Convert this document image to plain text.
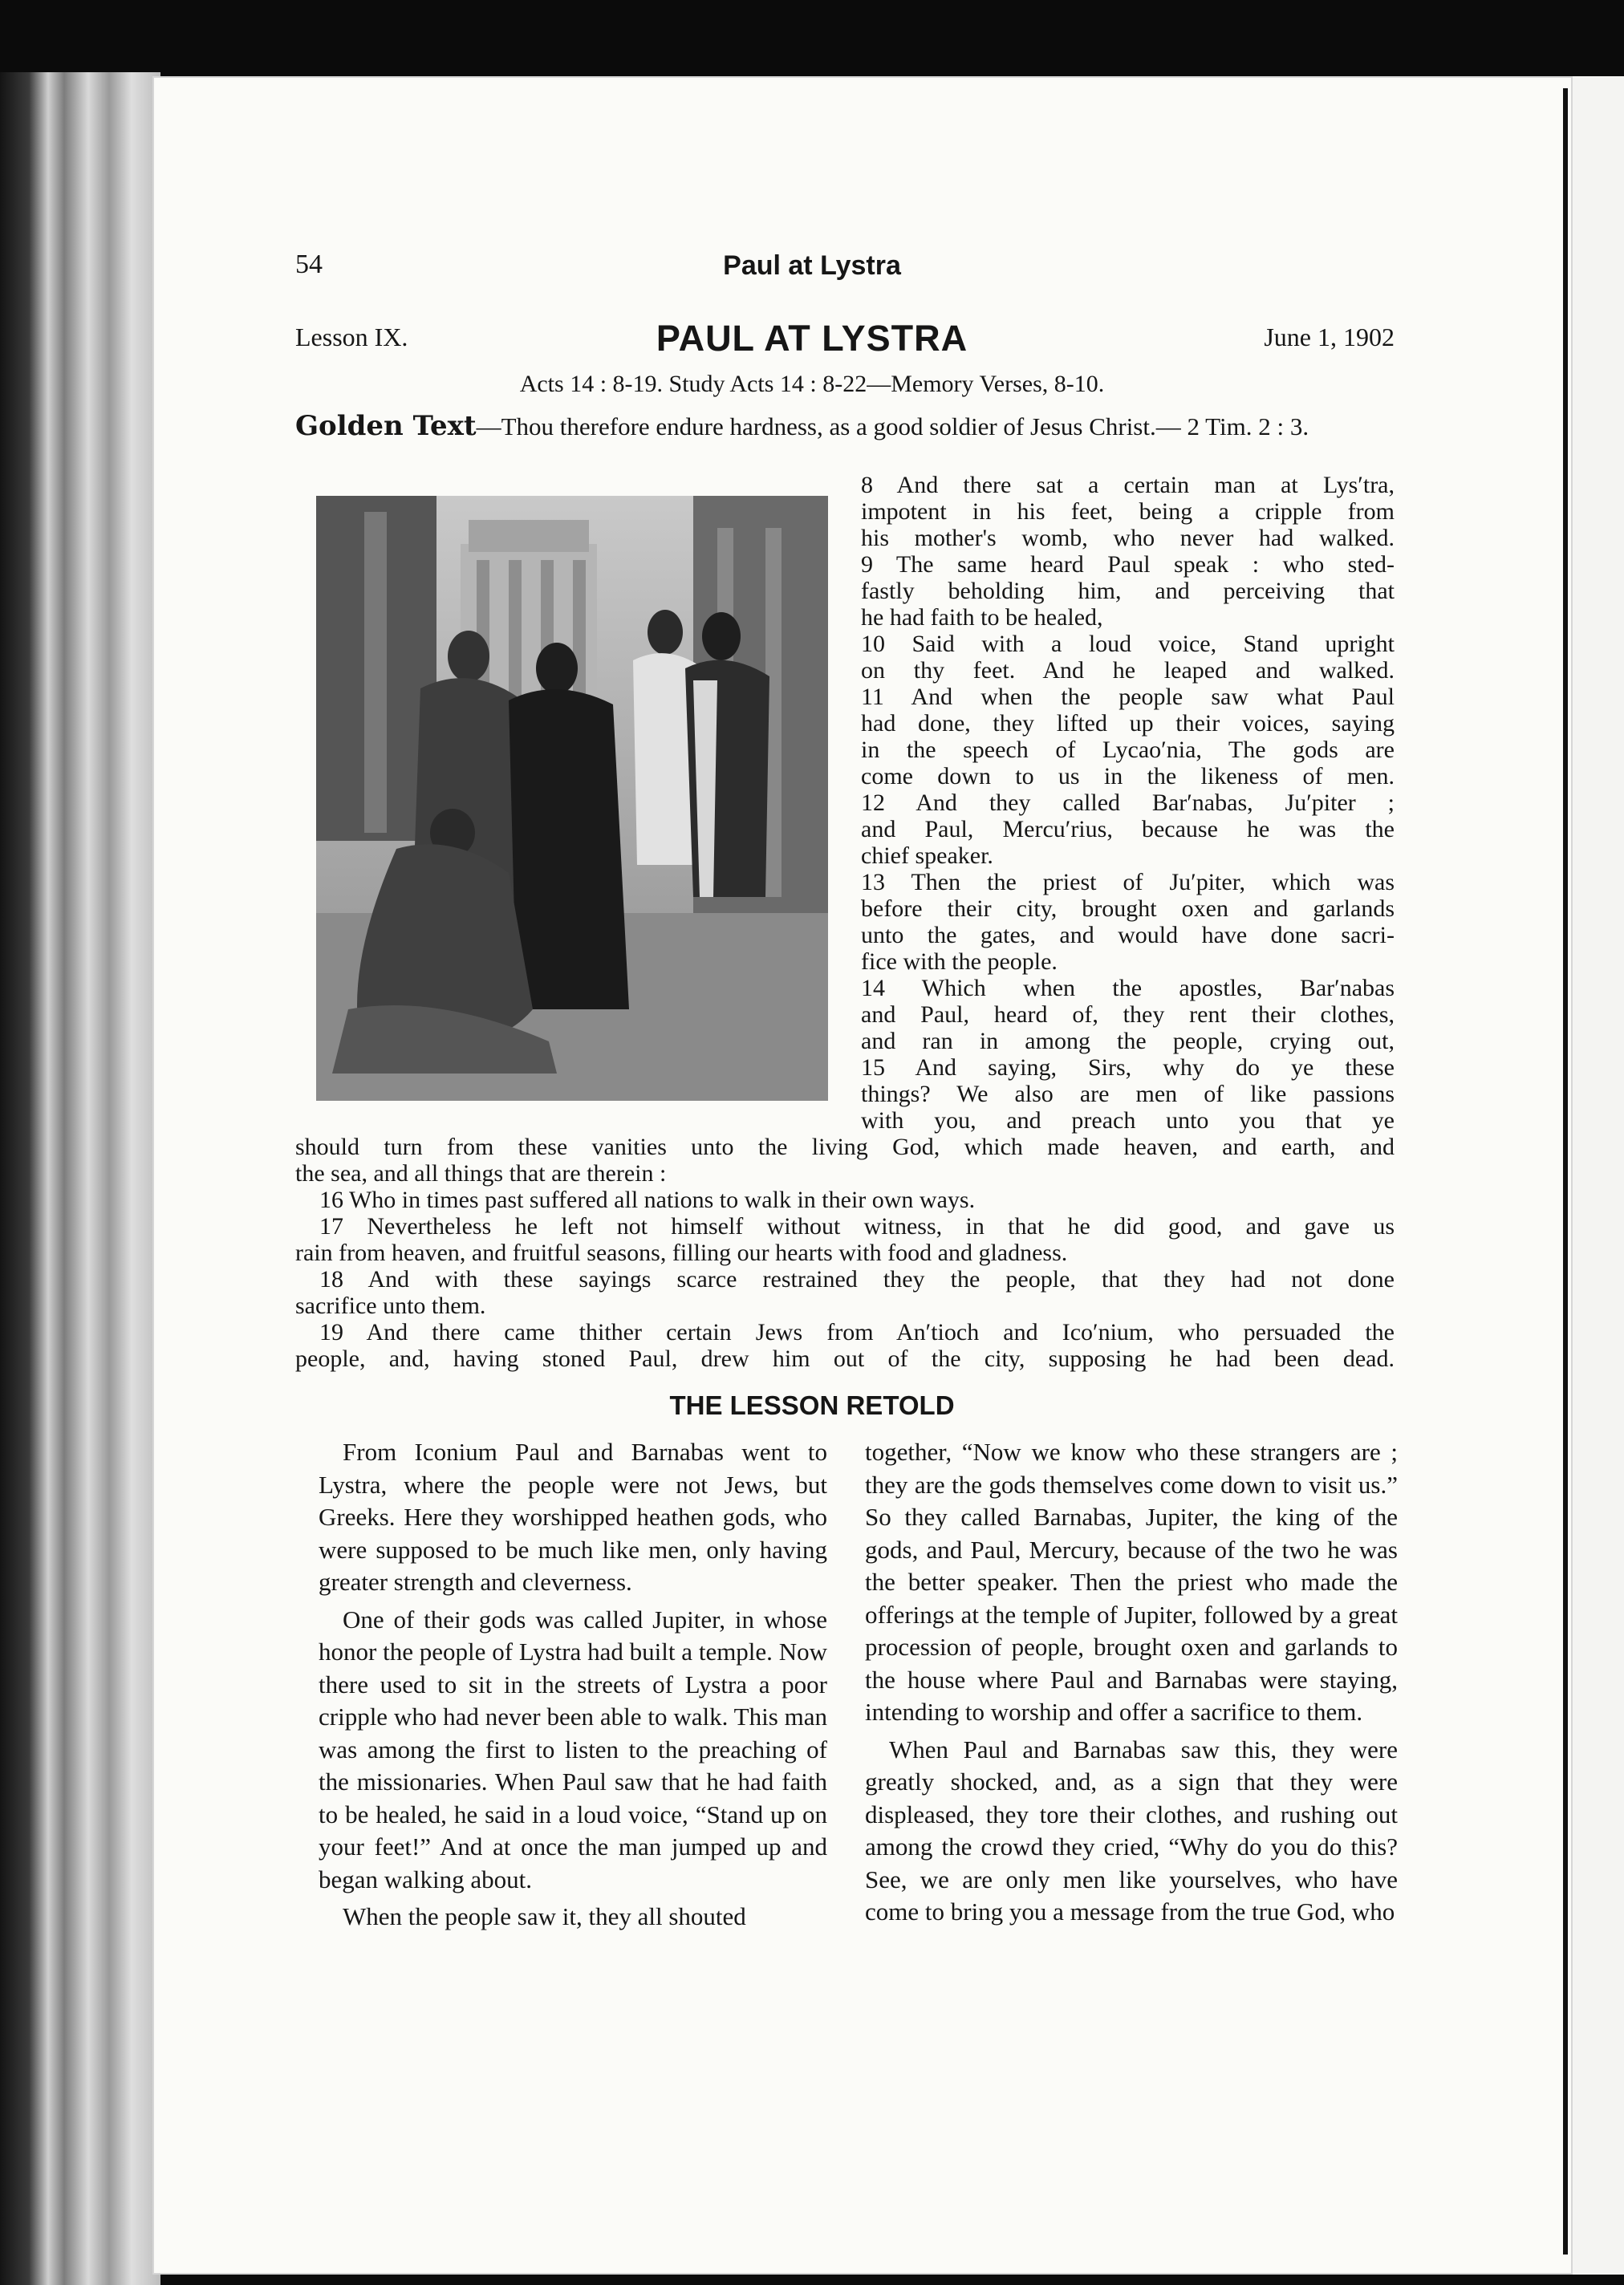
54	Paul at Lystra
Lesson IX.	PAUL AT LYSTRA	June 1, 1902
Acts 14 : 8-19. Study Acts 14 : 8-22—Memory Verses, 8-10.
Golden Text—Thou therefore endure hardness, as a good soldier of Jesus Christ.— 2 Tim. 2 : 3.
8 And there sat a certain man at Lys′tra,
impotent in his feet, being a cripple from
his mother's womb, who never had walked.
9 The same heard Paul speak : who sted-
fastly beholding him, and perceiving that
he had faith to be healed,
10 Said with a loud voice, Stand upright
on thy feet. And he leaped and walked.
11 And when the people saw what Paul
had done, they lifted up their voices, saying
in the speech of Lycao′nia, The gods are
come down to us in the likeness of men.
12 And they called Bar′nabas, Ju′piter ;
and Paul, Mercu′rius, because he was the
chief speaker.
13 Then the priest of Ju′piter, which was
before their city, brought oxen and garlands
unto the gates, and would have done sacri-
fice with the people.
14 Which when the apostles, Bar′nabas
and Paul, heard of, they rent their clothes,
and ran in among the people, crying out,
15 And saying, Sirs, why do ye these
things? We also are men of like passions
with you, and preach unto you that ye
should turn from these vanities unto the living God, which made heaven, and earth, and
the sea, and all things that are therein :
16 Who in times past suffered all nations to walk in their own ways.
17 Nevertheless he left not himself without witness, in that he did good, and gave us
rain from heaven, and fruitful seasons, filling our hearts with food and gladness.
18 And with these sayings scarce restrained they the people, that they had not done
sacrifice unto them.
19 And there came thither certain Jews from An′tioch and Ico′nium, who persuaded the
people, and, having stoned Paul, drew him out of the city, supposing he had been dead.
THE LESSON RETOLD

From Iconium Paul and Barnabas went to Lystra, where the people were not Jews, but Greeks. Here they worshipped heathen gods, who were supposed to be much like men, only having greater strength and cleverness.

One of their gods was called Jupiter, in whose honor the people of Lystra had built a temple. Now there used to sit in the streets of Lystra a poor cripple who had never been able to walk. This man was among the first to listen to the preaching of the missionaries. When Paul saw that he had faith to be healed, he said in a loud voice, “Stand up on your feet!” And at once the man jumped up and began walking about.

When the people saw it, they all shouted

together, “Now we know who these strangers are ; they are the gods themselves come down to visit us.” So they called Barnabas, Jupiter, the king of the gods, and Paul, Mercury, because of the two he was the better speaker. Then the priest who made the offerings at the temple of Jupiter, followed by a great procession of people, brought oxen and garlands to the house where Paul and Barnabas were staying, intending to worship and offer a sacrifice to them.

When Paul and Barnabas saw this, they were greatly shocked, and, as a sign that they were displeased, they tore their clothes, and rushing out among the crowd they cried, “Why do you do this? See, we are only men like yourselves, who have come to bring you a message from the true God, who
